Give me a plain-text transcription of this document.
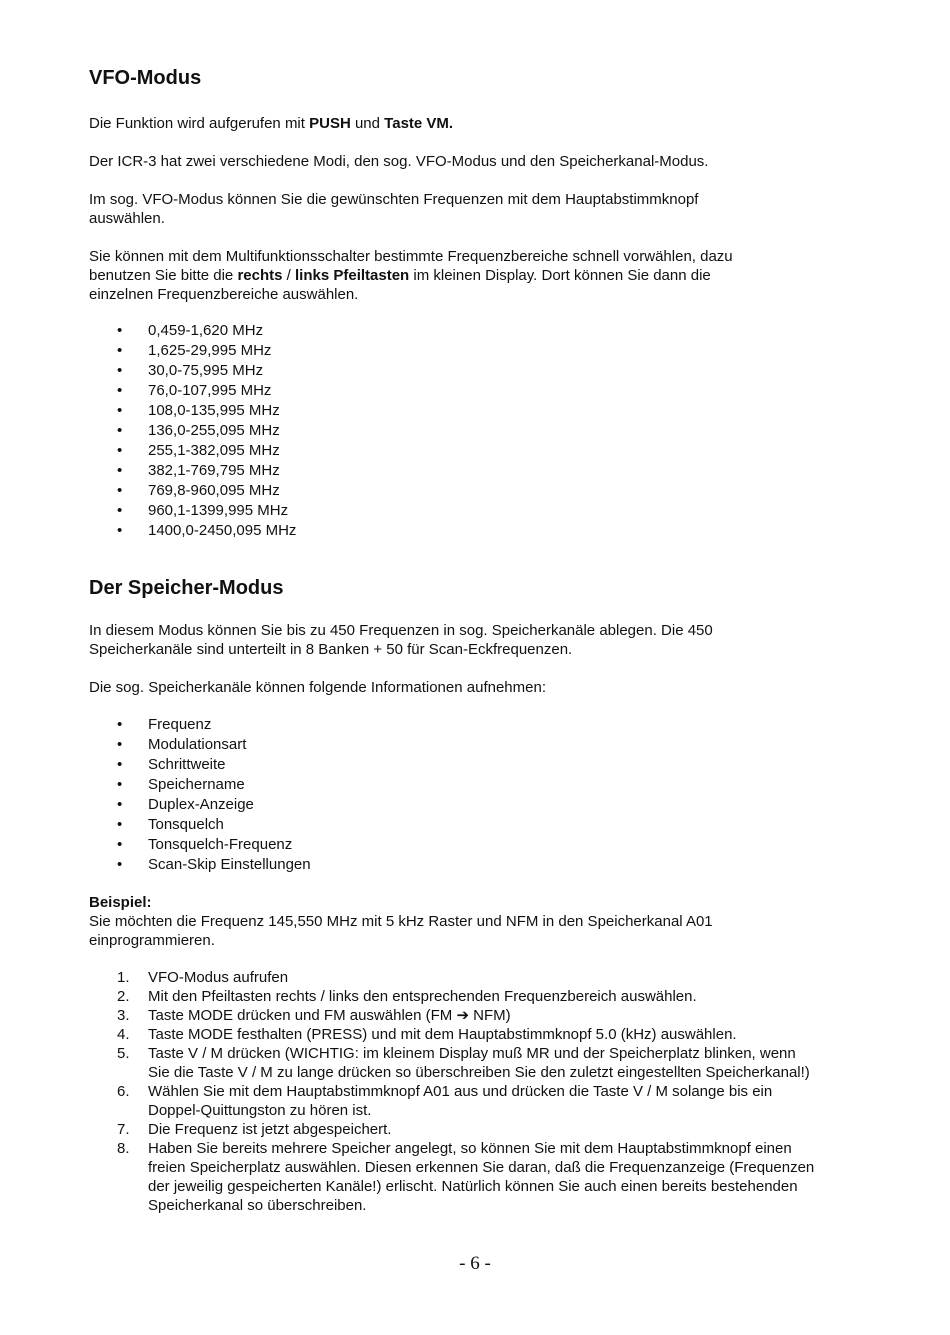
VFO-Modus

Die Funktion wird aufgerufen mit PUSH und Taste VM.

Der ICR-3 hat zwei verschiedene Modi, den sog. VFO-Modus und den Speicherkanal-Modus.

Im sog. VFO-Modus können Sie die gewünschten Frequenzen mit dem Hauptabstimmknopf
auswählen.

Sie können mit dem Multifunktionsschalter bestimmte Frequenzbereiche schnell vorwählen, dazu
benutzen Sie bitte die rechts / links Pfeiltasten im kleinen Display. Dort können Sie dann die
einzelnen Frequenzbereiche auswählen.

• 0,459-1,620 MHz
• 1,625-29,995 MHz
• 30,0-75,995 MHz
• 76,0-107,995 MHz
• 108,0-135,995 MHz
• 136,0-255,095 MHz
• 255,1-382,095 MHz
• 382,1-769,795 MHz
• 769,8-960,095 MHz
• 960,1-1399,995 MHz
• 1400,0-2450,095 MHz
Der Speicher-Modus

In diesem Modus können Sie bis zu 450 Frequenzen in sog. Speicherkanäle ablegen. Die 450
Speicherkanäle sind unterteilt in 8 Banken + 50 für Scan-Eckfrequenzen.

Die sog. Speicherkanäle können folgende Informationen aufnehmen:

• Frequenz
• Modulationsart
• Schrittweite
• Speichername
• Duplex-Anzeige
• Tonsquelch
• Tonsquelch-Frequenz
• Scan-Skip Einstellungen

Beispiel:
Sie möchten die Frequenz 145,550 MHz mit 5 kHz Raster und NFM in den Speicherkanal A01
einprogrammieren.

1. VFO-Modus aufrufen
2. Mit den Pfeiltasten rechts / links den entsprechenden Frequenzbereich auswählen.
3. Taste MODE drücken und FM auswählen (FM ➔ NFM)
4. Taste MODE festhalten (PRESS) und mit dem Hauptabstimmknopf 5.0 (kHz) auswählen.
5. Taste V / M drücken (WICHTIG: im kleinem Display muß MR und der Speicherplatz blinken, wenn Sie die Taste V / M zu lange drücken so überschreiben Sie den zuletzt eingestellten Speicherkanal!)
6. Wählen Sie mit dem Hauptabstimmknopf A01 aus und drücken die Taste V / M solange bis ein Doppel-Quittungston zu hören ist.
7. Die Frequenz ist jetzt abgespeichert.
8. Haben Sie bereits mehrere Speicher angelegt, so können Sie mit dem Hauptabstimmknopf einen freien Speicherplatz auswählen. Diesen erkennen Sie daran, daß die Frequenzanzeige (Frequenzen der jeweilig gespeicherten Kanäle!) erlischt. Natürlich können Sie auch einen bereits bestehenden Speicherkanal so überschreiben.
- 6 -
